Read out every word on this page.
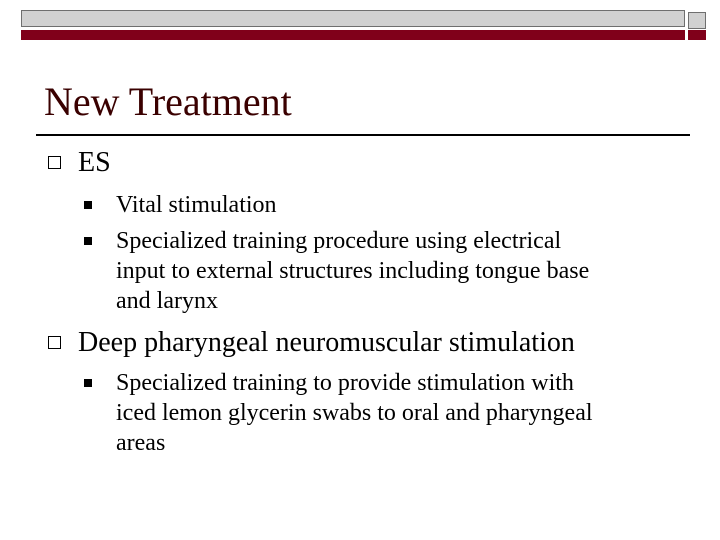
New Treatment
ES
Vital stimulation
Specialized training procedure using electrical
input to external structures including tongue base
and larynx
Deep pharyngeal neuromuscular stimulation
Specialized training to provide stimulation with
iced lemon glycerin swabs to oral and pharyngeal
areas
